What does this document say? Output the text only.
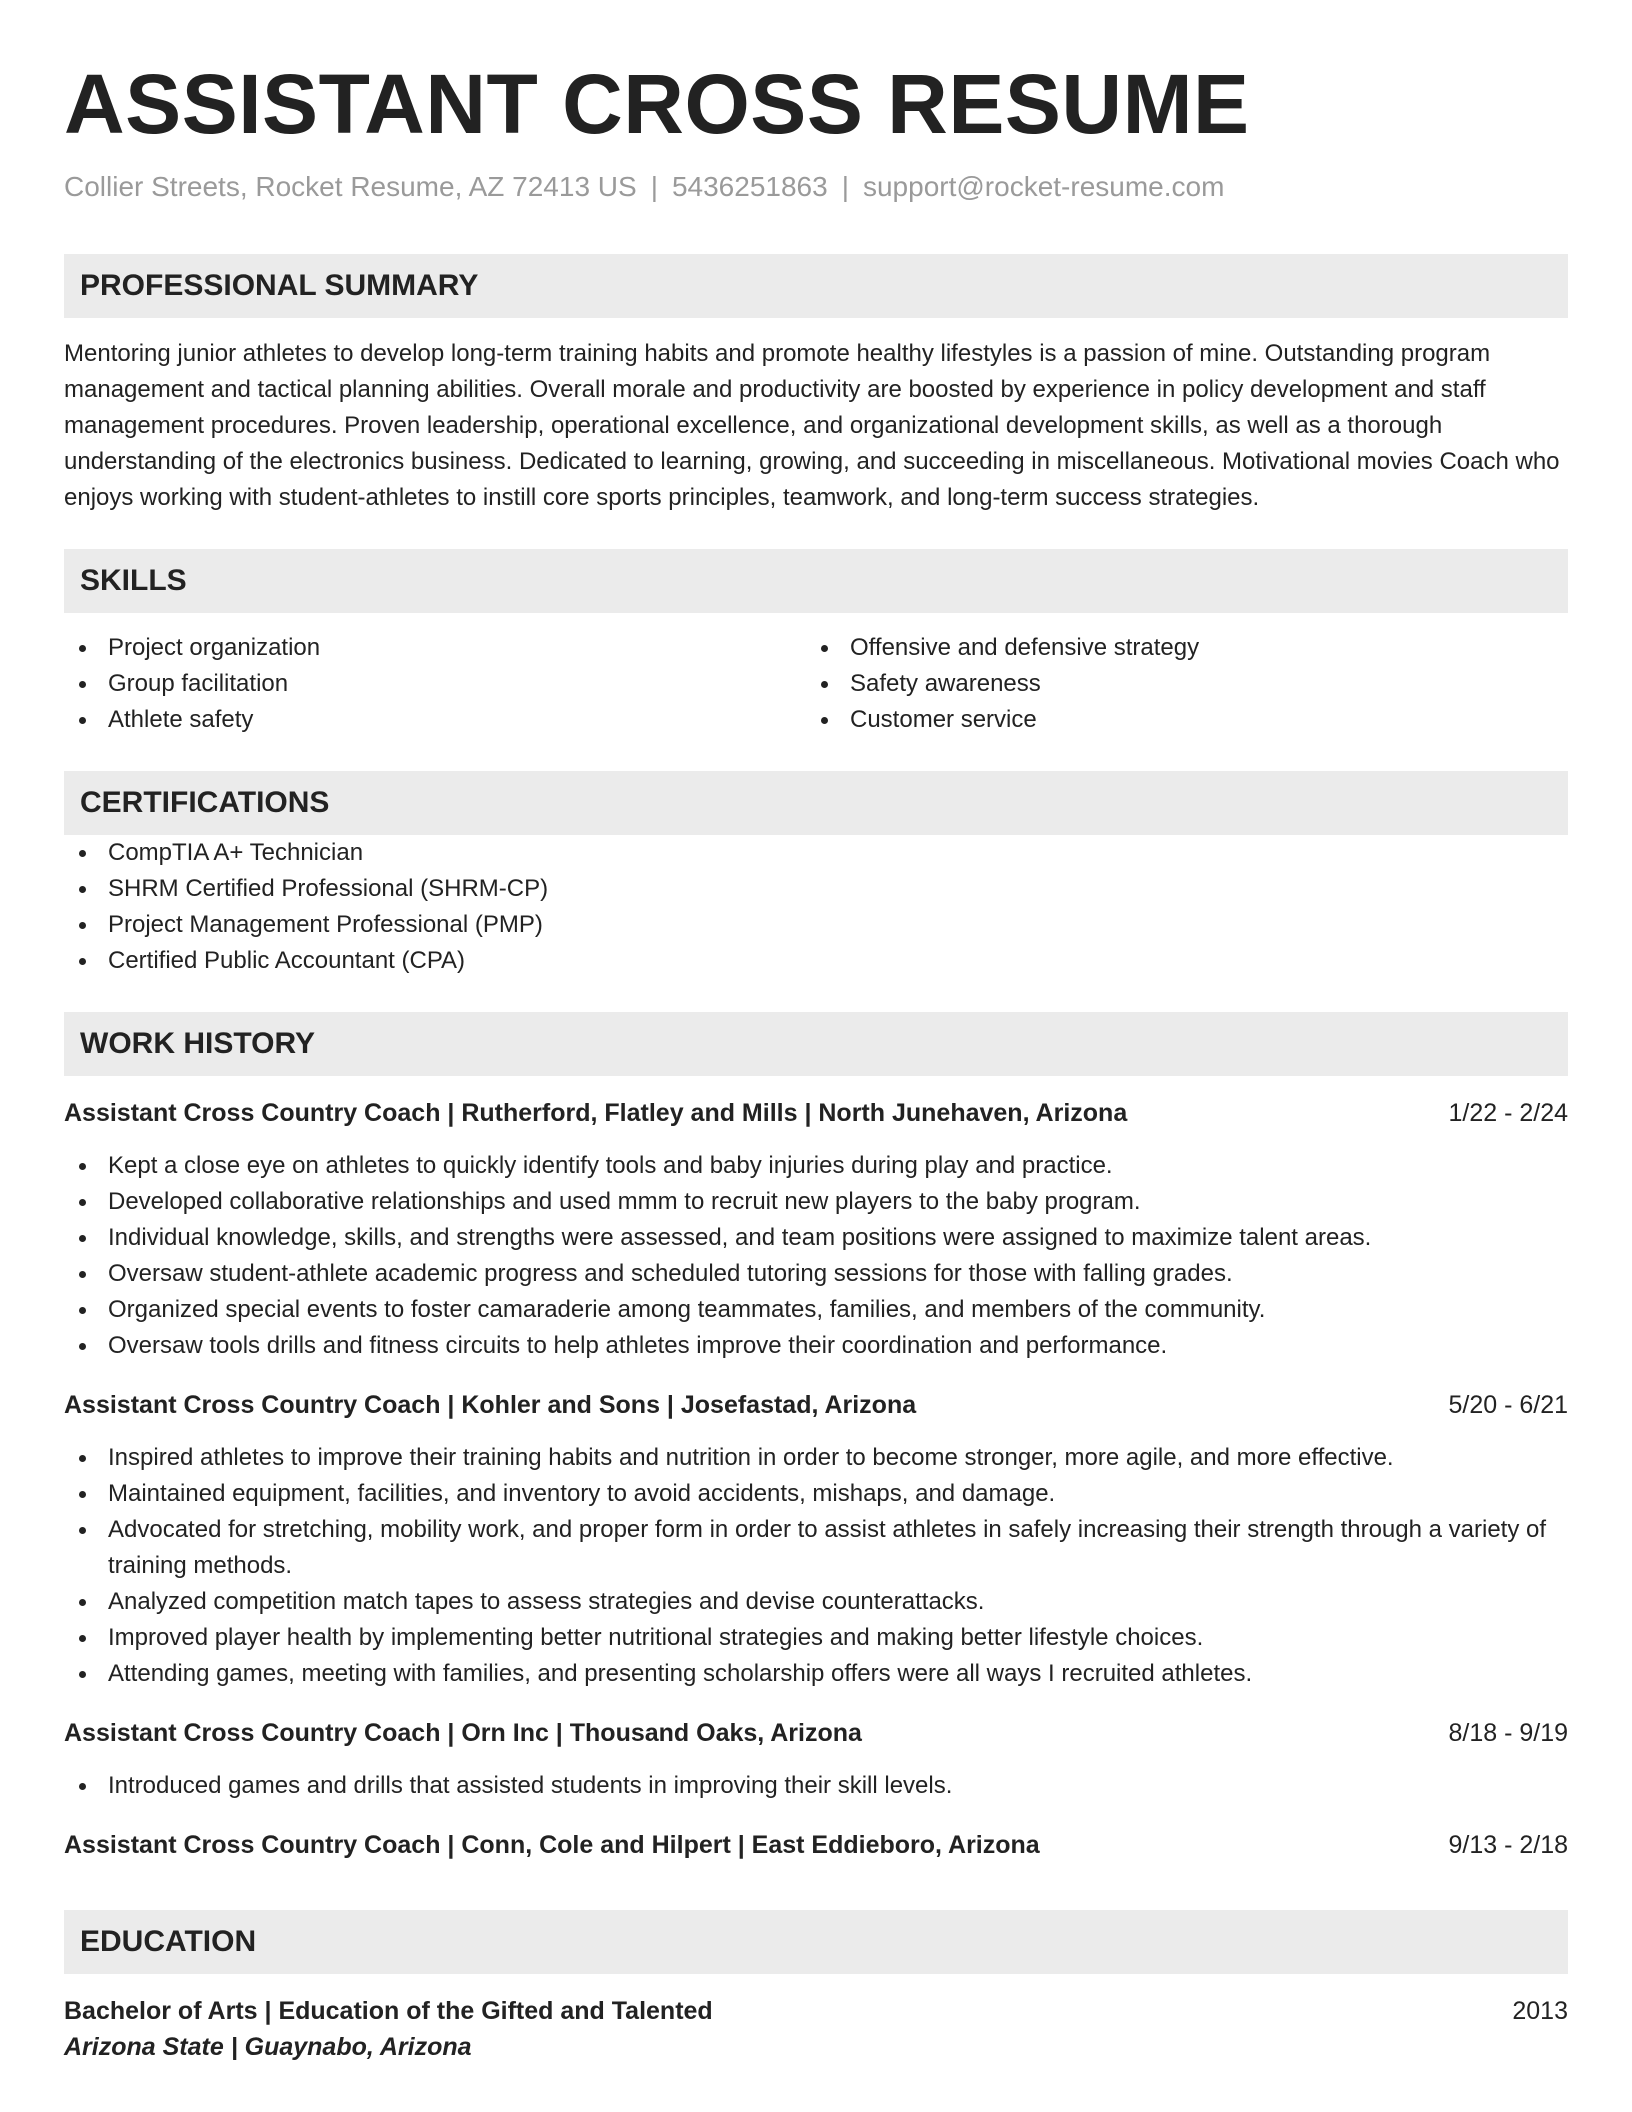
ASSISTANT CROSS RESUME
Collier Streets, Rocket Resume, AZ 72413 US | 5436251863 | support@rocket-resume.com
PROFESSIONAL SUMMARY

Mentoring junior athletes to develop long-term training habits and promote healthy lifestyles is a passion of mine. Outstanding program management and tactical planning abilities. Overall morale and productivity are boosted by experience in policy development and staff management procedures. Proven leadership, operational excellence, and organizational development skills, as well as a thorough understanding of the electronics business. Dedicated to learning, growing, and succeeding in miscellaneous. Motivational movies Coach who enjoys working with student-athletes to instill core sports principles, teamwork, and long-term success strategies.

SKILLS
Project organization
Group facilitation
Athlete safety
Offensive and defensive strategy
Safety awareness
Customer service
CERTIFICATIONS
CompTIA A+ Technician
SHRM Certified Professional (SHRM-CP)
Project Management Professional (PMP)
Certified Public Accountant (CPA)
WORK HISTORY
Assistant Cross Country Coach | Rutherford, Flatley and Mills | North Junehaven, Arizona	1/22 - 2/24
Kept a close eye on athletes to quickly identify tools and baby injuries during play and practice.
Developed collaborative relationships and used mmm to recruit new players to the baby program.
Individual knowledge, skills, and strengths were assessed, and team positions were assigned to maximize talent areas.
Oversaw student-athlete academic progress and scheduled tutoring sessions for those with falling grades.
Organized special events to foster camaraderie among teammates, families, and members of the community.
Oversaw tools drills and fitness circuits to help athletes improve their coordination and performance.
Assistant Cross Country Coach | Kohler and Sons | Josefastad, Arizona	5/20 - 6/21
Inspired athletes to improve their training habits and nutrition in order to become stronger, more agile, and more effective.
Maintained equipment, facilities, and inventory to avoid accidents, mishaps, and damage.
Advocated for stretching, mobility work, and proper form in order to assist athletes in safely increasing their strength through a variety of training methods.
Analyzed competition match tapes to assess strategies and devise counterattacks.
Improved player health by implementing better nutritional strategies and making better lifestyle choices.
Attending games, meeting with families, and presenting scholarship offers were all ways I recruited athletes.
Assistant Cross Country Coach | Orn Inc | Thousand Oaks, Arizona	8/18 - 9/19
Introduced games and drills that assisted students in improving their skill levels.
Assistant Cross Country Coach | Conn, Cole and Hilpert | East Eddieboro, Arizona	9/13 - 2/18
EDUCATION
Bachelor of Arts | Education of the Gifted and Talented	2013
Arizona State | Guaynabo, Arizona
